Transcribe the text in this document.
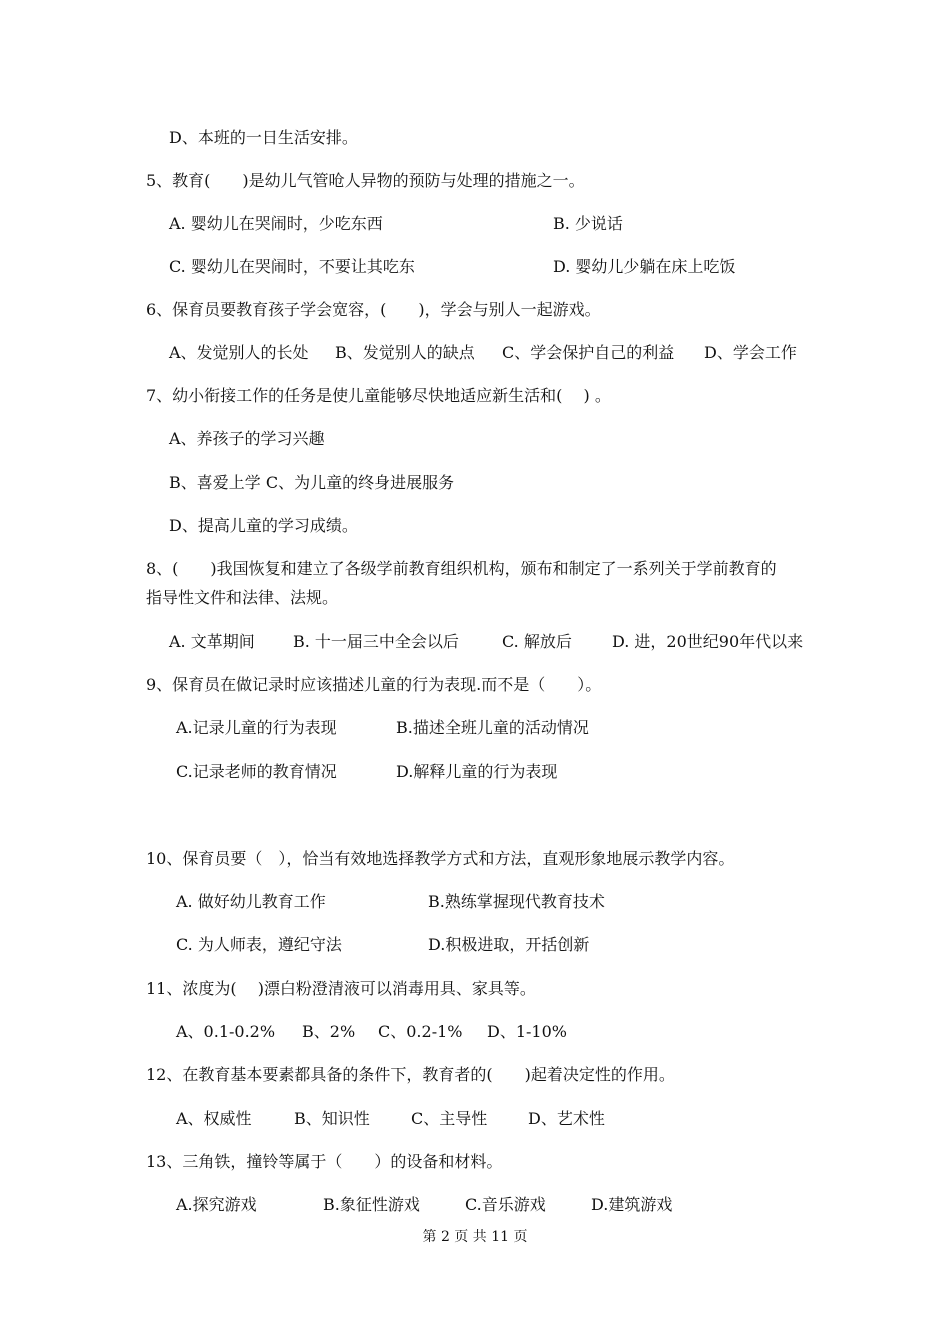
D、本班的一日生活安排。
5、教育(　　)是幼儿气管呛人异物的预防与处理的措施之一。
A. 婴幼儿在哭闹时，少吃东西	B. 少说话
C. 婴幼儿在哭闹时，不要让其吃东	D. 婴幼儿少躺在床上吃饭
6、保育员要教育孩子学会宽容，(　　)，学会与别人一起游戏。
A、发觉别人的长处 B、发觉别人的缺点 C、学会保护自己的利益 D、学会工作
7、幼小衔接工作的任务是使儿童能够尽快地适应新生活和(　 ) 。
A、养孩子的学习兴趣
B、喜爱上学 C、为儿童的终身进展服务
D、提高儿童的学习成绩。
8、(　　)我国恢复和建立了各级学前教育组织机构，颁布和制定了一系列关于学前教育的
指导性文件和法律、法规。
A. 文革期间 B. 十一届三中全会以后	C. 解放后	D. 进，20世纪90年代以来
9、保育员在做记录时应该描述儿童的行为表现.而不是（　　）。
A.记录儿童的行为表现	B.描述全班儿童的活动情况
C.记录老师的教育情况	D.解释儿童的行为表现
10、保育员要（　），恰当有效地选择教学方式和方法，直观形象地展示教学内容。
A. 做好幼儿教育工作	B.熟练掌握现代教育技术
C. 为人师表，遵纪守法	D.积极进取，开括创新
11、浓度为(　 )漂白粉澄清液可以消毒用具、家具等。
A、0.1-0.2% B、2% C、0.2-1% D、1-10%
12、在教育基本要素都具备的条件下，教育者的(　　)起着决定性的作用。
A、权威性	B、知识性	C、主导性	D、艺术性
13、三角铁，撞铃等属于（　　）的设备和材料。
A.探究游戏	B.象征性游戏	C.音乐游戏	D.建筑游戏
第 2 页 共 11 页
